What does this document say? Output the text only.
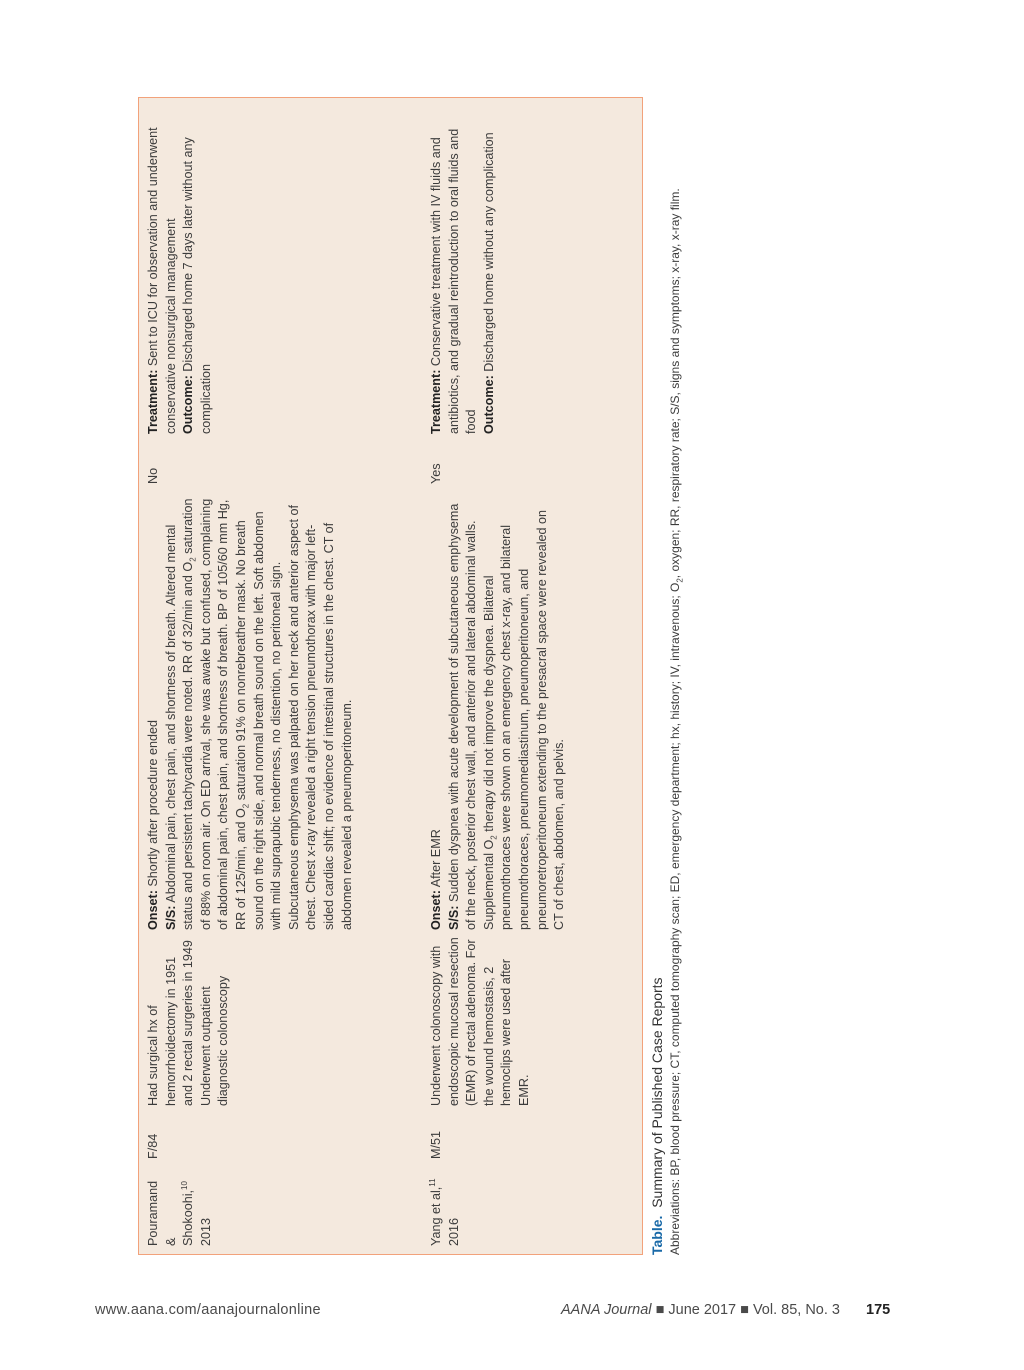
Pouramand & Shokoohi,$^{10}$
2013
F/84
Had surgical hx of hemorrhoidectomy in 1951 and 2 rectal surgeries in 1949 Underwent outpatient diagnostic colonoscopy
Onset: Shortly after procedure ended
S/S: Abdominal pain, chest pain, and shortness of breath. Altered mental status and persistent tachycardia were noted. RR of 32/min and $O_2$ saturation of 88% on room air. On ED arrival, she was awake but confused, complaining of abdominal pain, chest pain, and shortness of breath. BP of 105/60 mm Hg, RR of 125/min, and $O_2$ saturation 91% on nonrebreather mask. No breath sound on the right side, and normal breath sound on the left. Soft abdomen with mild suprapubic tenderness, no distention, no peritoneal sign. Subcutaneous emphysema was palpated on her neck and anterior aspect of chest. Chest x-ray revealed a right tension pneumothorax with major left-sided cardiac shift; no evidence of intestinal structures in the chest. CT of abdomen revealed a pneumoperitoneum.
No
Treatment: Sent to ICU for observation and underwent conservative nonsurgical management Outcome: Discharged home 7 days later without any complication
Yang et al,$^{11}$
2016
M/51
Underwent colonoscopy with endoscopic mucosal resection (EMR) of rectal adenoma. For the wound hemostasis, 2 hemoclips were used after EMR.
Onset: After EMR
S/S: Sudden dyspnea with acute development of subcutaneous emphysema of the neck, posterior chest wall, and anterior and lateral abdominal walls. Supplemental $O_2$ therapy did not improve the dyspnea. Bilateral pneumothoraces were shown on an emergency chest x-ray, and bilateral pneumothoraces, pneumomediastinum, pneumoperitoneum, and pneumoretroperitoneum extending to the presacral space were revealed on CT of chest, abdomen, and pelvis.
Yes
Treatment: Conservative treatment with IV fluids and antibiotics, and gradual reintroduction to oral fluids and food Outcome: Discharged home without any complication
Table.  Summary of Published Case Reports Abbreviations: BP, blood pressure; CT, computed tomography scan; ED, emergency department; hx, history; IV, intravenous; $O_2$, oxygen; RR, respiratory rate; S/S, signs and symptoms; x-ray, x-ray film.
www.aana.com/aanajournalonline	AANA Journal ■ June 2017 ■ Vol. 85, No. 3 175
